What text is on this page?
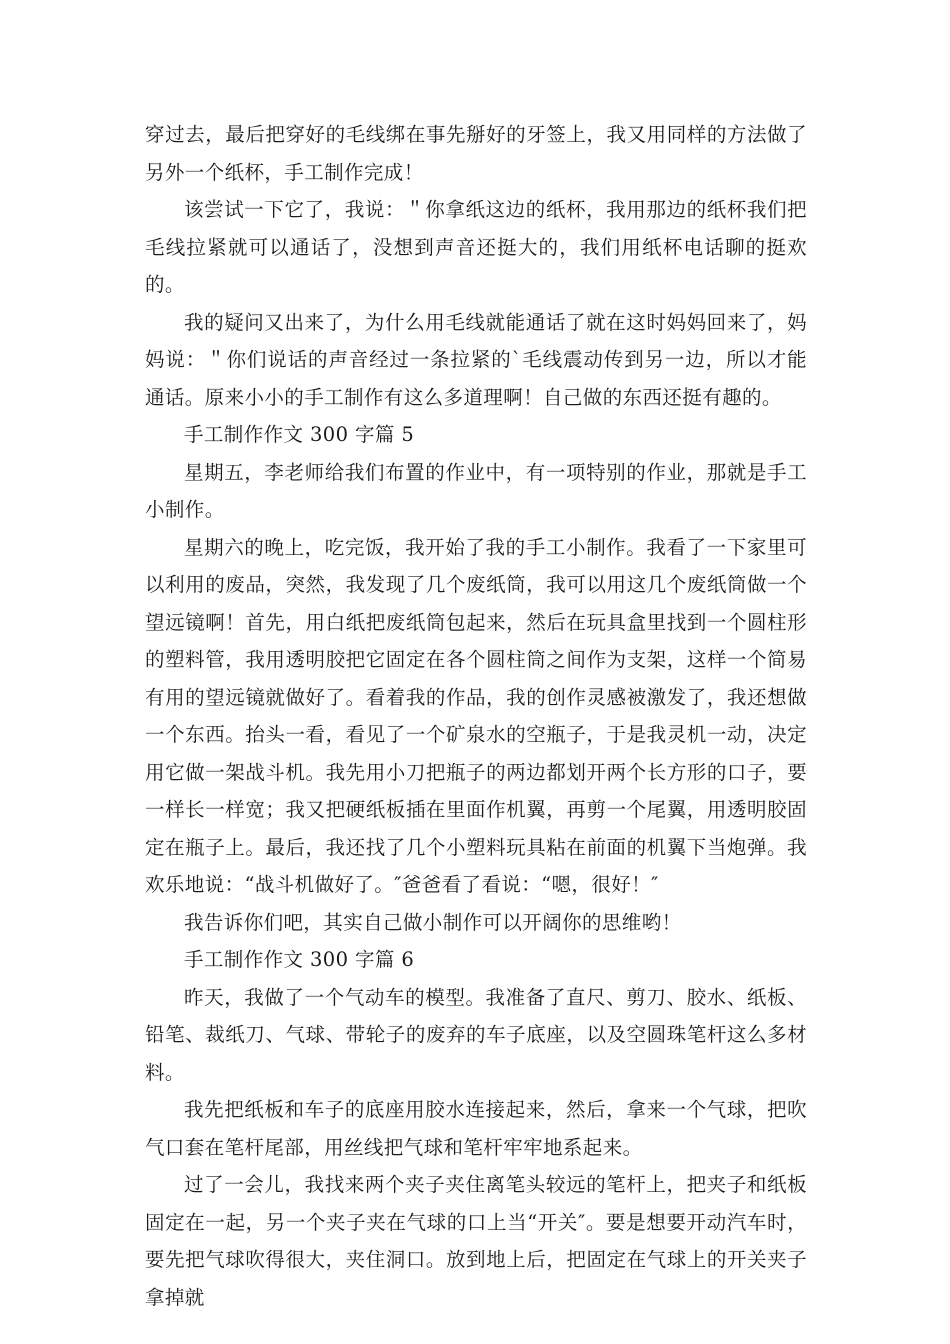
穿过去，最后把穿好的毛线绑在事先掰好的牙签上，我又用同样的方法做了另外一个纸杯，手工制作完成！

该尝试一下它了，我说：＂你拿纸这边的纸杯，我用那边的纸杯我们把毛线拉紧就可以通话了，没想到声音还挺大的，我们用纸杯电话聊的挺欢的。

我的疑问又出来了，为什么用毛线就能通话了就在这时妈妈回来了，妈妈说：＂你们说话的声音经过一条拉紧的`毛线震动传到另一边，所以才能通话。原来小小的手工制作有这么多道理啊！自己做的东西还挺有趣的。

手工制作作文 300 字篇 5

星期五，李老师给我们布置的作业中，有一项特别的作业，那就是手工小制作。

星期六的晚上，吃完饭，我开始了我的手工小制作。我看了一下家里可以利用的废品，突然，我发现了几个废纸筒，我可以用这几个废纸筒做一个望远镜啊！首先，用白纸把废纸筒包起来，然后在玩具盒里找到一个圆柱形的塑料管，我用透明胶把它固定在各个圆柱筒之间作为支架，这样一个简易有用的望远镜就做好了。看着我的作品，我的创作灵感被激发了，我还想做一个东西。抬头一看，看见了一个矿泉水的空瓶子，于是我灵机一动，决定用它做一架战斗机。我先用小刀把瓶子的两边都划开两个长方形的口子，要一样长一样宽；我又把硬纸板插在里面作机翼，再剪一个尾翼，用透明胶固定在瓶子上。最后，我还找了几个小塑料玩具粘在前面的机翼下当炮弹。我欢乐地说：“战斗机做好了。″爸爸看了看说：“嗯，很好！″

我告诉你们吧，其实自己做小制作可以开阔你的思维哟！

手工制作作文 300 字篇 6

昨天，我做了一个气动车的模型。我准备了直尺、剪刀、胶水、纸板、铅笔、裁纸刀、气球、带轮子的废弃的车子底座，以及空圆珠笔杆这么多材料。

我先把纸板和车子的底座用胶水连接起来，然后，拿来一个气球，把吹气口套在笔杆尾部，用丝线把气球和笔杆牢牢地系起来。

过了一会儿，我找来两个夹子夹住离笔头较远的笔杆上，把夹子和纸板固定在一起，另一个夹子夹在气球的口上当“开关″。要是想要开动汽车时，要先把气球吹得很大，夹住洞口。放到地上后，把固定在气球上的开关夹子拿掉就
